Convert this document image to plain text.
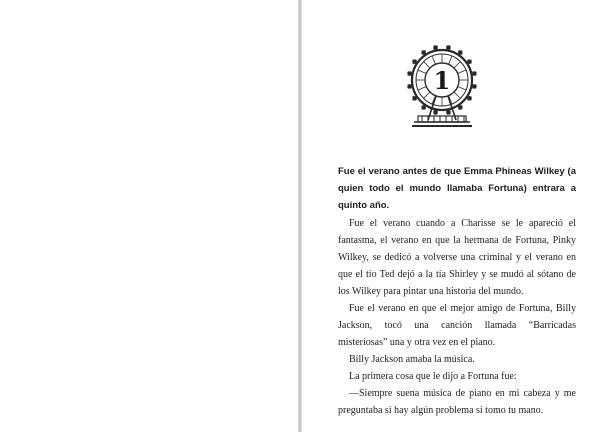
1

Fue el verano antes de que Emma Phineas Wilkey (a quien todo el mundo llamaba Fortuna) entrara a quinto año.

Fue el verano cuando a Charisse se le apareció el fantasma, el verano en que la hermana de Fortuna, Pinky Wilkey, se dedicó a volverse una criminal y el verano en que el tío Ted dejó a la tía Shirley y se mudó al sótano de los Wilkey para pintar una historia del mundo.

Fue el verano en que el mejor amigo de Fortuna, Billy Jackson, tocó una canción llamada “Barricadas misteriosas” una y otra vez en el piano.

Billy Jackson amaba la música.

La primera cosa que le dijo a Fortuna fue:

—Siempre suena música de piano en mi cabeza y me preguntaba si hay algún problema si tomo tu mano.
